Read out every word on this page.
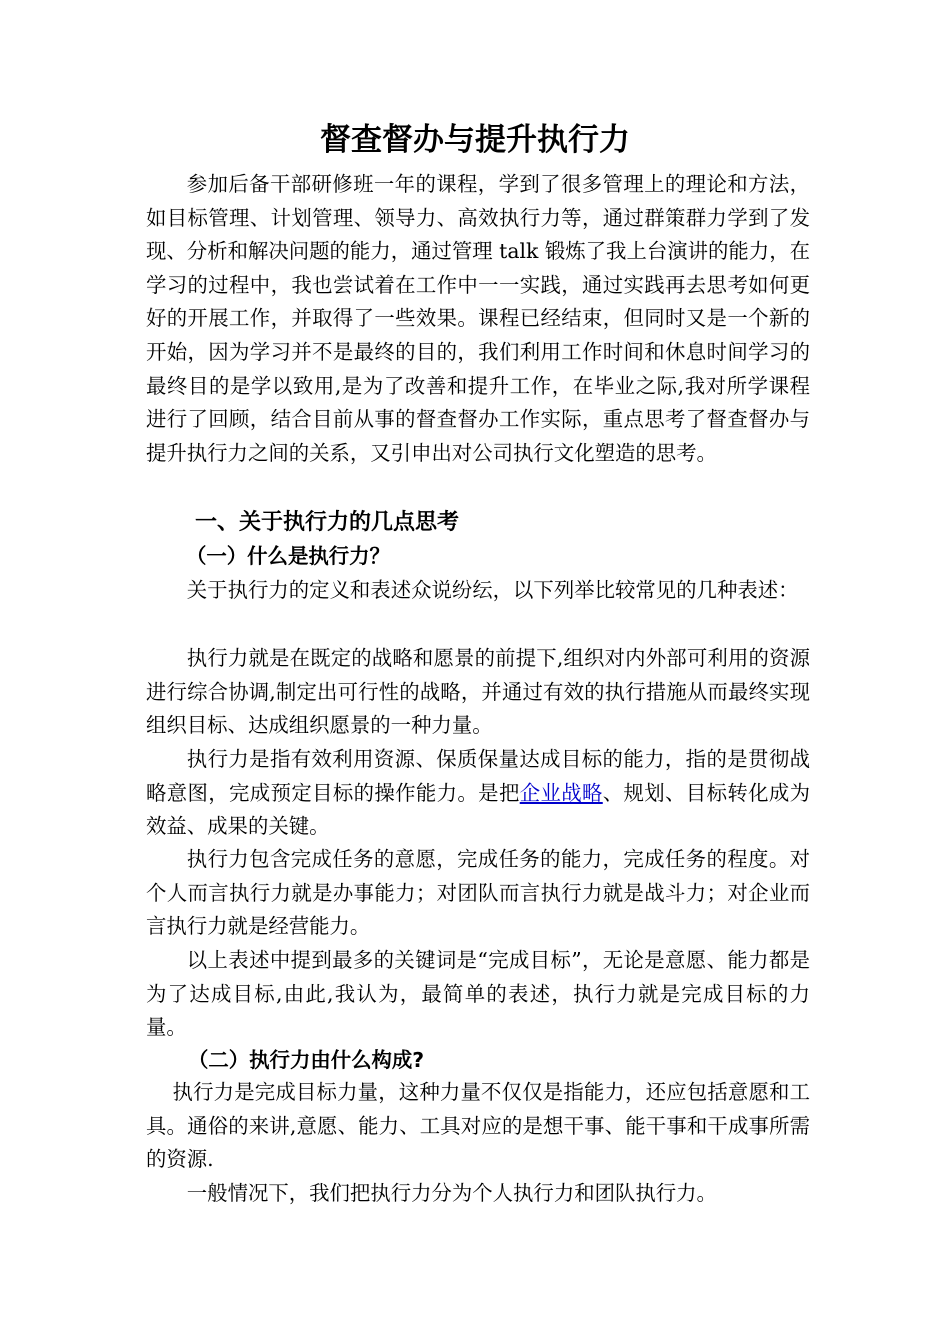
督查督办与提升执行力

参加后备干部研修班一年的课程，学到了很多管理上的理论和方法，如目标管理、计划管理、领导力、高效执行力等，通过群策群力学到了发现、分析和解决问题的能力，通过管理 talk 锻炼了我上台演讲的能力，在学习的过程中，我也尝试着在工作中一一实践，通过实践再去思考如何更好的开展工作，并取得了一些效果。课程已经结束，但同时又是一个新的开始，因为学习并不是最终的目的，我们利用工作时间和休息时间学习的最终目的是学以致用,是为了改善和提升工作，在毕业之际,我对所学课程进行了回顾，结合目前从事的督查督办工作实际，重点思考了督查督办与提升执行力之间的关系，又引申出对公司执行文化塑造的思考。

一、关于执行力的几点思考

（一）什么是执行力？

关于执行力的定义和表述众说纷纭，以下列举比较常见的几种表述：

执行力就是在既定的战略和愿景的前提下,组织对内外部可利用的资源进行综合协调,制定出可行性的战略，并通过有效的执行措施从而最终实现组织目标、达成组织愿景的一种力量。

执行力是指有效利用资源、保质保量达成目标的能力，指的是贯彻战略意图，完成预定目标的操作能力。是把企业战略、规划、目标转化成为效益、成果的关键。

执行力包含完成任务的意愿，完成任务的能力，完成任务的程度。对个人而言执行力就是办事能力；对团队而言执行力就是战斗力；对企业而言执行力就是经营能力。

以上表述中提到最多的关键词是“完成目标”，无论是意愿、能力都是为了达成目标,由此,我认为，最简单的表述，执行力就是完成目标的力量。

（二）执行力由什么构成?

执行力是完成目标力量，这种力量不仅仅是指能力，还应包括意愿和工具。通俗的来讲,意愿、能力、工具对应的是想干事、能干事和干成事所需的资源.

一般情况下，我们把执行力分为个人执行力和团队执行力。
